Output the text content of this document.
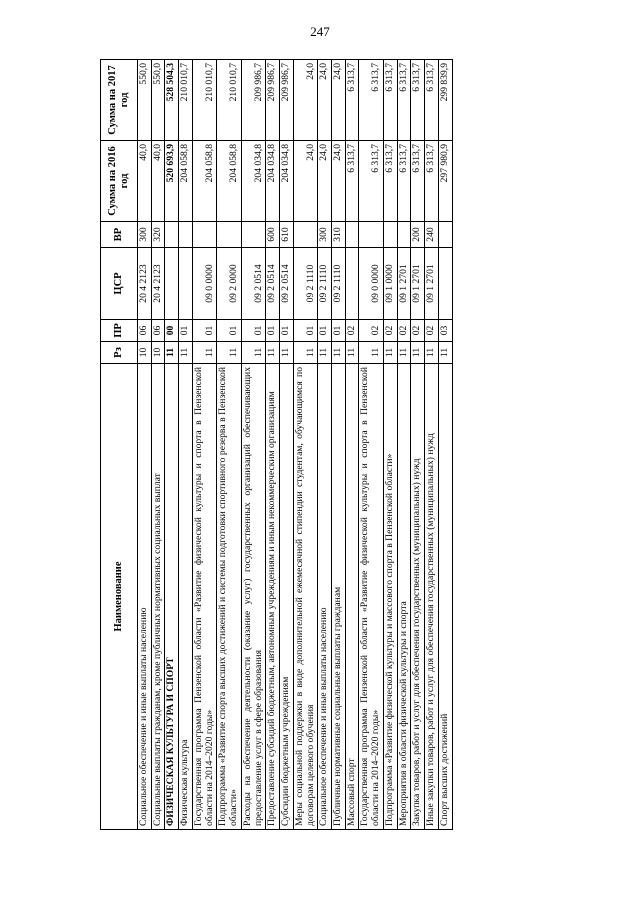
247
Наименование	Рз	ПР	ЦСР	ВР	Сумма на 2016 год	Сумма на 2017 год
Социальное обеспечение и иные выплаты населению	10	06	20 4 2123	300	40,0	550,0
Социальные выплаты гражданам, кроме публичных нормативных социальных выплат	10	06	20 4 2123	320	40,0	550,0
ФИЗИЧЕСКАЯ КУЛЬТУРА И СПОРТ	11	00			520 693,9	528 504,3
Физическая культура	11	01			204 058,8	210 010,7
Государственная программа Пензенской области «Развитие физической культуры и спорта в Пензенской области на 2014–2020 годы»	11	01	09 0 0000		204 058,8	210 010,7
Подпрограмма «Развитие спорта высших достижений и системы подготовки спортивного резерва в Пензенской области»	11	01	09 2 0000		204 058,8	210 010,7
Расходы на обеспечение деятельности (оказание услуг) государственных организаций обеспечивающих предоставление услуг в сфере образования	11	01	09 2 0514		204 034,8	209 986,7
Предоставление субсидий бюджетным, автономным учреждениям и иным некоммерческим организациям	11	01	09 2 0514	600	204 034,8	209 986,7
Субсидии бюджетным учреждениям	11	01	09 2 0514	610	204 034,8	209 986,7
Меры социальной поддержки в виде дополнительной ежемесячной стипендии студентам, обучающимся по договорам целевого обучения	11	01	09 2 1110		24,0	24,0
Социальное обеспечение и иные выплаты населению	11	01	09 2 1110	300	24,0	24,0
Публичные нормативные социальные выплаты гражданам	11	01	09 2 1110	310	24,0	24,0
Массовый спорт	11	02			6 313,7	6 313,7
Государственная программа Пензенской области «Развитие физической культуры и спорта в Пензенской области на 2014–2020 годы»	11	02	09 0 0000		6 313,7	6 313,7
Подпрограмма «Развитие физической культуры и массового спорта в Пензенской области»	11	02	09 1 0000		6 313,7	6 313,7
Мероприятия в области физической культуры и спорта	11	02	09 1 2701		6 313,7	6 313,7
Закупка товаров, работ и услуг для обеспечения государственных (муниципальных) нужд	11	02	09 1 2701	200	6 313,7	6 313,7
Иные закупки товаров, работ и услуг для обеспечения государственных (муниципальных) нужд	11	02	09 1 2701	240	6 313,7	6 313,7
Спорт высших достижений	11	03			297 980,9	299 839,9
